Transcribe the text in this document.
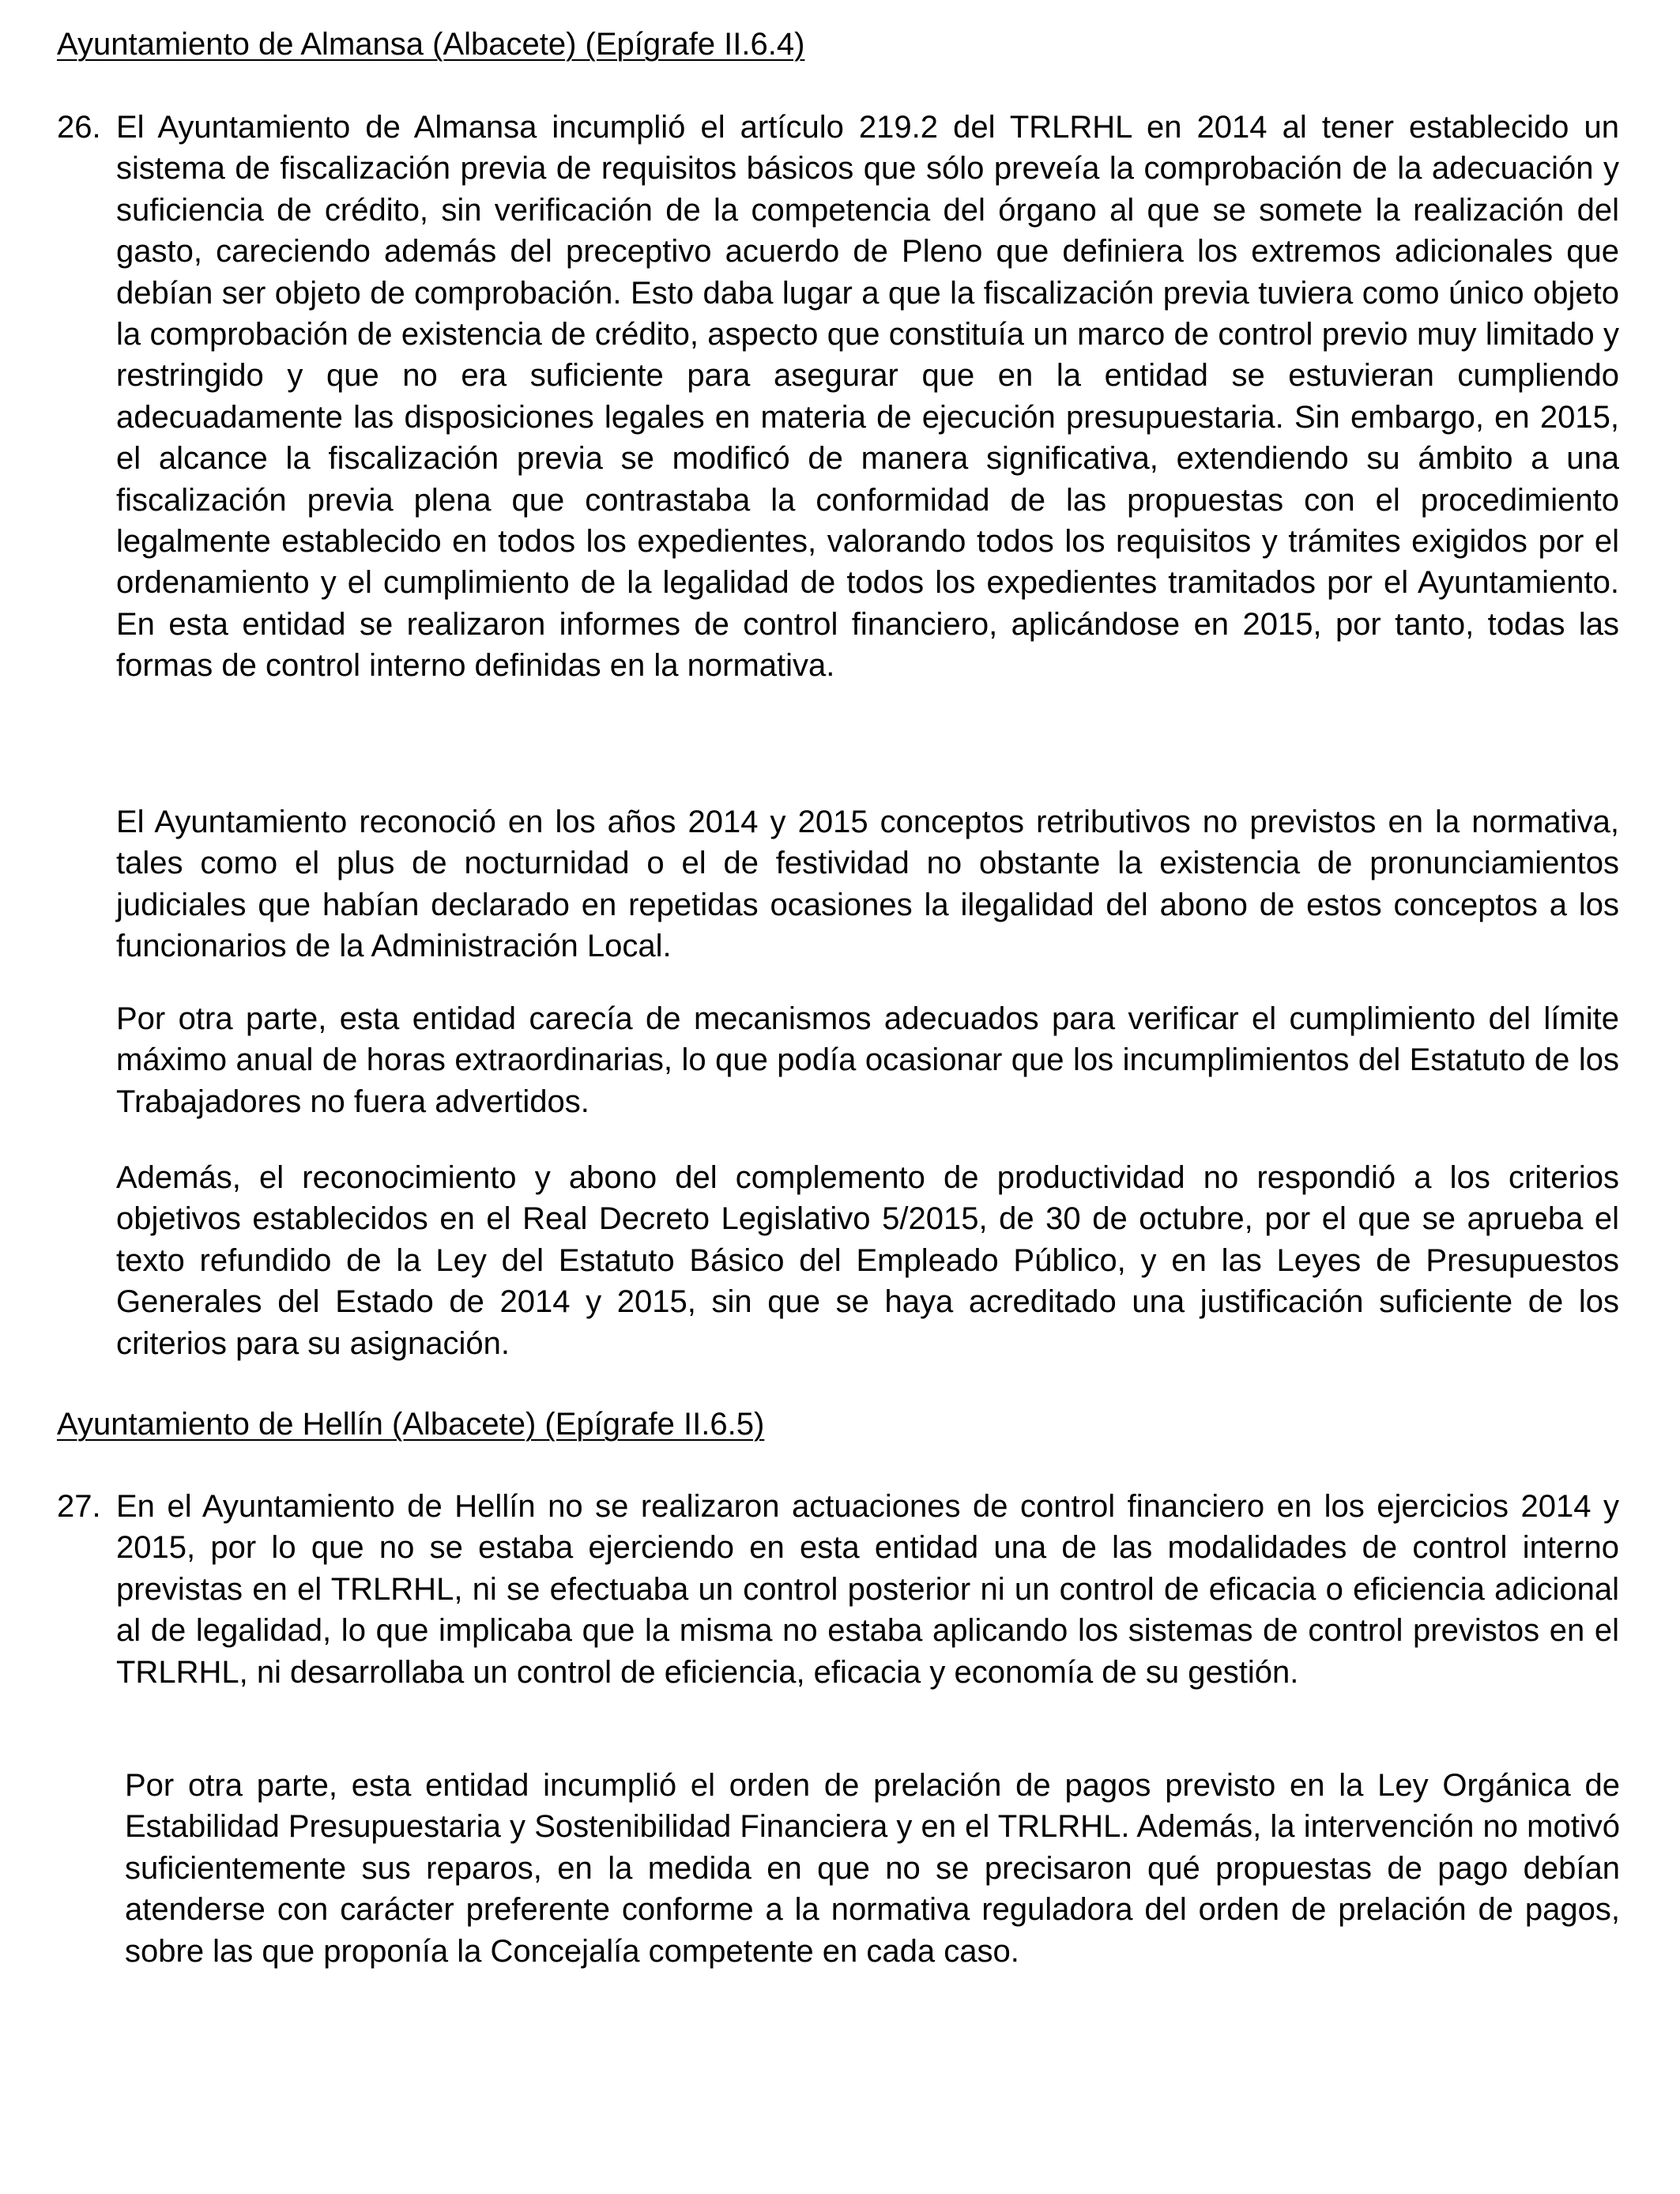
Ayuntamiento de Almansa (Albacete) (Epígrafe II.6.4)

26. El Ayuntamiento de Almansa incumplió el artículo 219.2 del TRLRHL en 2014 al tener establecido un sistema de fiscalización previa de requisitos básicos que sólo preveía la comprobación de la adecuación y suficiencia de crédito, sin verificación de la competencia del órgano al que se somete la realización del gasto, careciendo además del preceptivo acuerdo de Pleno que definiera los extremos adicionales que debían ser objeto de comprobación. Esto daba lugar a que la fiscalización previa tuviera como único objeto la comprobación de existencia de crédito, aspecto que constituía un marco de control previo muy limitado y restringido y que no era suficiente para asegurar que en la entidad se estuvieran cumpliendo adecuadamente las disposiciones legales en materia de ejecución presupuestaria. Sin embargo, en 2015, el alcance la fiscalización previa se modificó de manera significativa, extendiendo su ámbito a una fiscalización previa plena que contrastaba la conformidad de las propuestas con el procedimiento legalmente establecido en todos los expedientes, valorando todos los requisitos y trámites exigidos por el ordenamiento y el cumplimiento de la legalidad de todos los expedientes tramitados por el Ayuntamiento. En esta entidad se realizaron informes de control financiero, aplicándose en 2015, por tanto, todas las formas de control interno definidas en la normativa.

El Ayuntamiento reconoció en los años 2014 y 2015 conceptos retributivos no previstos en la normativa, tales como el plus de nocturnidad o el de festividad no obstante la existencia de pronunciamientos judiciales que habían declarado en repetidas ocasiones la ilegalidad del abono de estos conceptos a los funcionarios de la Administración Local.

Por otra parte, esta entidad carecía de mecanismos adecuados para verificar el cumplimiento del límite máximo anual de horas extraordinarias, lo que podía ocasionar que los incumplimientos del Estatuto de los Trabajadores no fuera advertidos.

Además, el reconocimiento y abono del complemento de productividad no respondió a los criterios objetivos establecidos en el Real Decreto Legislativo 5/2015, de 30 de octubre, por el que se aprueba el texto refundido de la Ley del Estatuto Básico del Empleado Público, y en las Leyes de Presupuestos Generales del Estado de 2014 y 2015, sin que se haya acreditado una justificación suficiente de los criterios para su asignación.

Ayuntamiento de Hellín (Albacete) (Epígrafe II.6.5)

27. En el Ayuntamiento de Hellín no se realizaron actuaciones de control financiero en los ejercicios 2014 y 2015, por lo que no se estaba ejerciendo en esta entidad una de las modalidades de control interno previstas en el TRLRHL, ni se efectuaba un control posterior ni un control de eficacia o eficiencia adicional al de legalidad, lo que implicaba que la misma no estaba aplicando los sistemas de control previstos en el TRLRHL, ni desarrollaba un control de eficiencia, eficacia y economía de su gestión.

Por otra parte, esta entidad incumplió el orden de prelación de pagos previsto en la Ley Orgánica de Estabilidad Presupuestaria y Sostenibilidad Financiera y en el TRLRHL. Además, la intervención no motivó suficientemente sus reparos, en la medida en que no se precisaron qué propuestas de pago debían atenderse con carácter preferente conforme a la normativa reguladora del orden de prelación de pagos, sobre las que proponía la Concejalía competente en cada caso.
